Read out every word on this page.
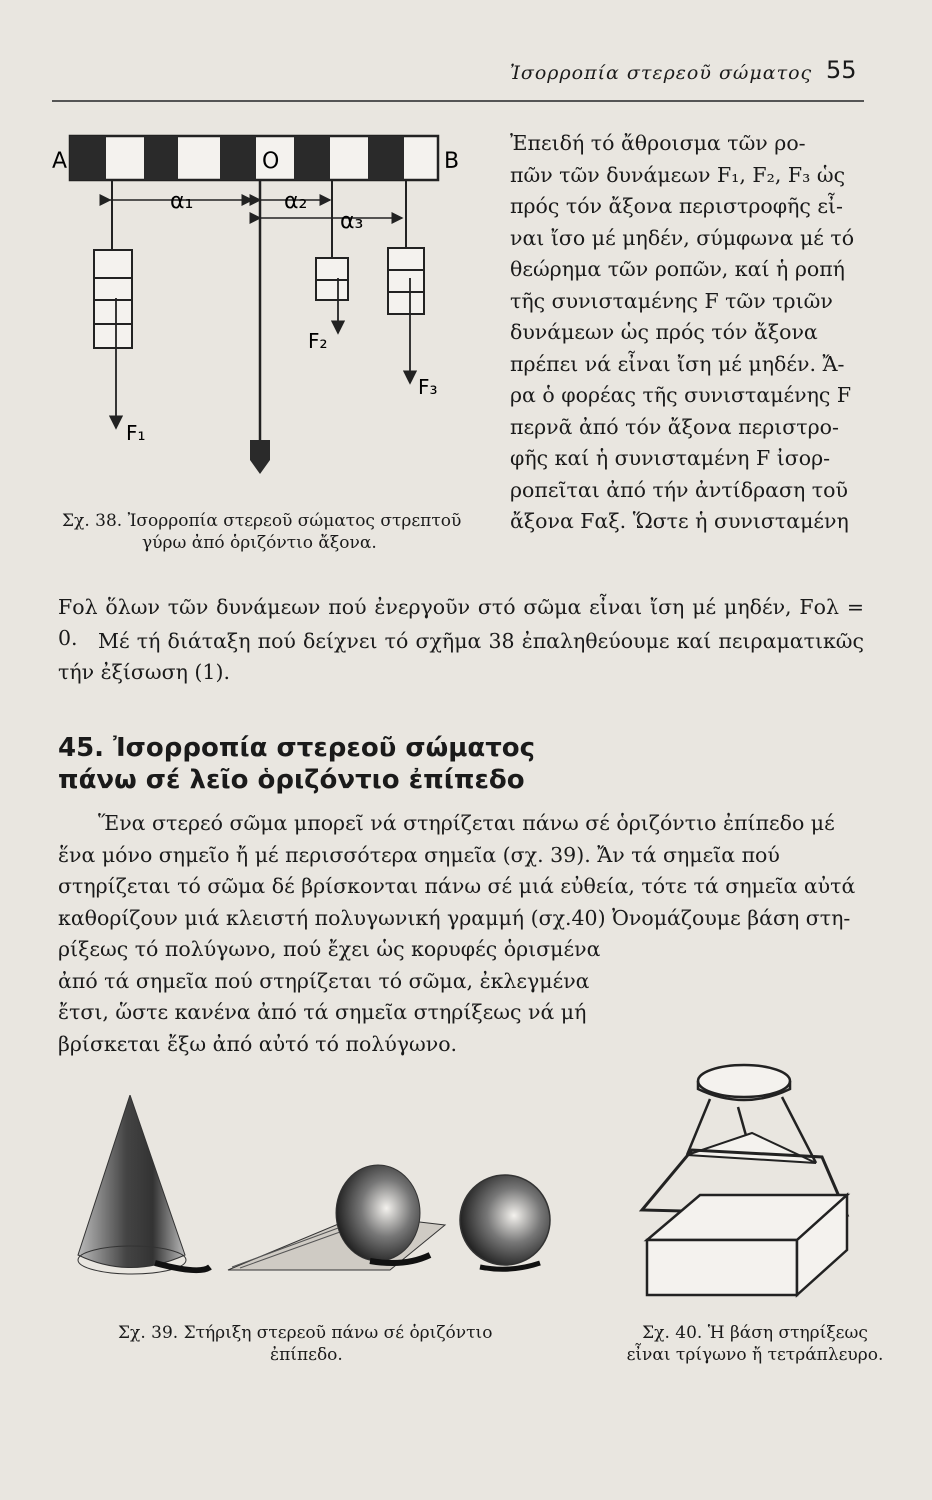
Ἰσορροπία στερεοῦ σώματος 55
Α	Ο	Β
α₁	α₂
α₃
F₁
F₂
F₃
Σχ. 38. Ἰσορροπία στερεοῦ σώματος στρεπτοῦ
γύρω ἀπό ὁριζόντιο ἄξονα.

Ἐπειδή τό ἄθροισμα τῶν ρο-

πῶν τῶν δυνάμεων F₁, F₂, F₃ ὡς

πρός τόν ἄξονα περιστροφῆς εἶ-

ναι ἴσο μέ μηδέν, σύμφωνα μέ τό

θεώρημα τῶν ροπῶν, καί ἡ ροπή

τῆς συνισταμένης F τῶν τριῶν

δυνάμεων ὡς πρός τόν ἄξονα

πρέπει νά εἶναι ἴση μέ μηδέν. Ἄ-

ρα ὁ φορέας τῆς συνισταμένης F

περνᾶ ἀπό τόν ἄξονα περιστρο-

φῆς καί ἡ συνισταμένη F ἰσορ-

ροπεῖται ἀπό τήν ἀντίδραση τοῦ

ἄξονα Fαξ. Ὥστε ἡ συνισταμένη

Fολ ὅλων τῶν δυνάμεων πού ἐνεργοῦν στό σῶμα εἶναι ἴση μέ μηδέν, Fολ = 0. Μέ τή διάταξη πού δείχνει τό σχῆμα 38 ἐπαληθεύουμε καί πειραματικῶς τήν ἐξίσωση (1).
45. Ἰσορροπία στερεοῦ σώματος
πάνω σέ λεῖο ὁριζόντιο ἐπίπεδο
Ἕνα στερεό σῶμα μπορεῖ νά στηρίζεται πάνω σέ ὁριζόντιο ἐπίπεδο μέ
ἕνα μόνο σημεῖο ἤ μέ περισσότερα σημεῖα (σχ. 39). Ἄν τά σημεῖα πού
στηρίζεται τό σῶμα δέ βρίσκονται πάνω σέ μιά εὐθεία, τότε τά σημεῖα αὐτά
καθορίζουν μιά κλειστή πολυγωνική γραμμή (σχ.40) Ὀνομάζουμε βάση στη-
ρίξεως τό πολύγωνο, πού ἔχει ὡς κορυφές ὁρισμένα
ἀπό τά σημεῖα πού στηρίζεται τό σῶμα, ἐκλεγμένα
ἔτσι, ὥστε κανένα ἀπό τά σημεῖα στηρίξεως νά μή
βρίσκεται ἔξω ἀπό αὐτό τό πολύγωνο.
Σχ. 39. Στήριξη στερεοῦ πάνω σέ ὁριζόντιο
ἐπίπεδο.
Σχ. 40. Ἡ βάση στηρίξεως
εἶναι τρίγωνο ἤ τετράπλευρο.
